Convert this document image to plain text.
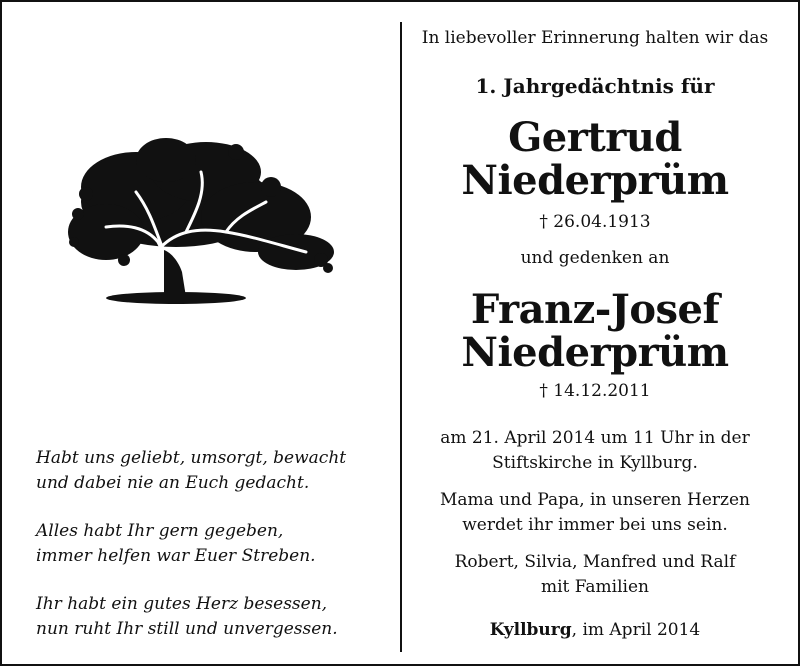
Habt uns geliebt, umsorgt, bewacht
und dabei nie an Euch gedacht.
Alles habt Ihr gern gegeben,
immer helfen war Euer Streben.
Ihr habt ein gutes Herz besessen,
nun ruht Ihr still und unvergessen.
In liebevoller Erinnerung halten wir das
1. Jahrgedächtnis für
Gertrud
Niederprüm
† 26.04.1913
und gedenken an
Franz-Josef
Niederprüm
† 14.12.2011
am 21. April 2014 um 11 Uhr in der
Stiftskirche in Kyllburg.
Mama und Papa, in unseren Herzen
werdet ihr immer bei uns sein.
Robert, Silvia, Manfred und Ralf
mit Familien
Kyllburg, im April 2014
